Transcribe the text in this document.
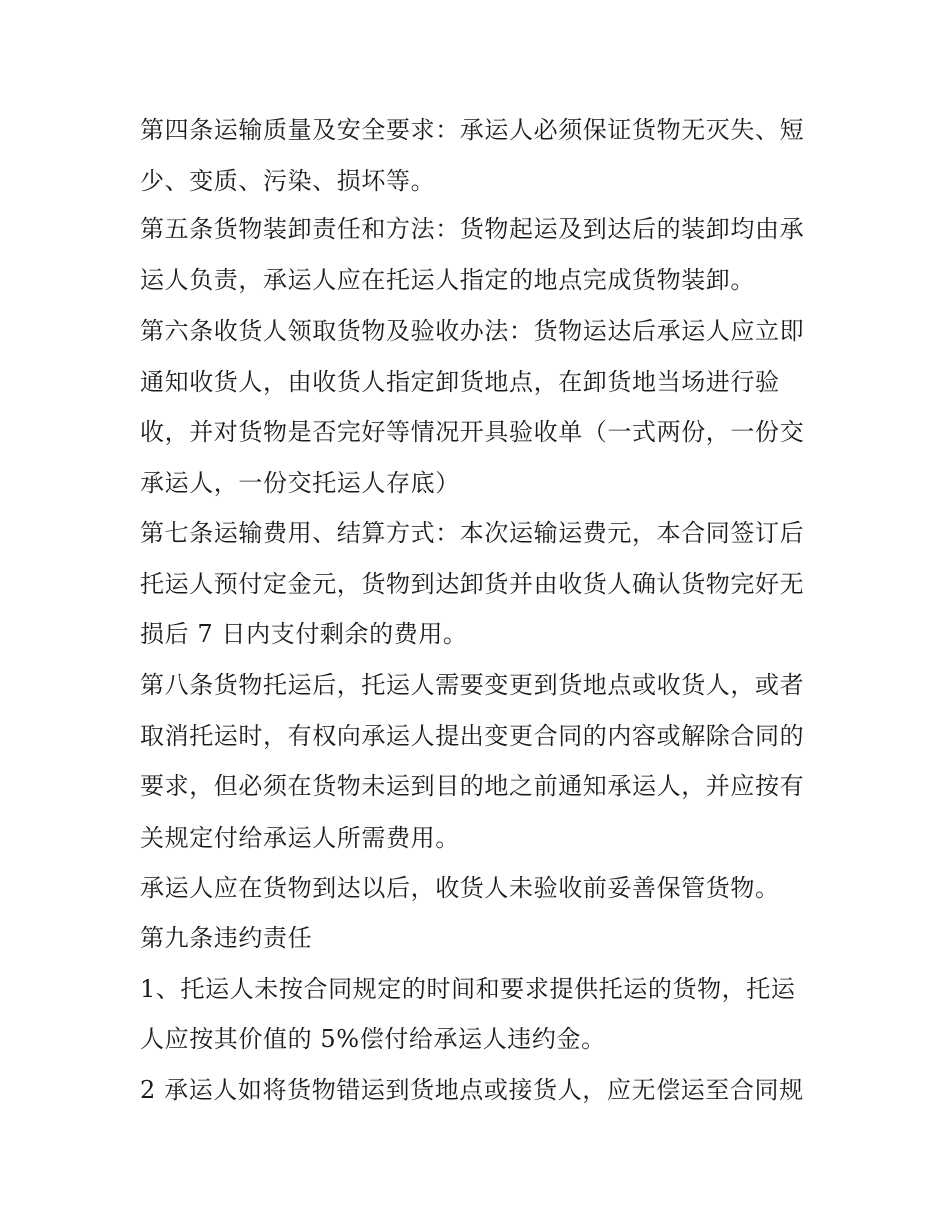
第四条运输质量及安全要求：承运人必须保证货物无灭失、短
少、变质、污染、损坏等。
第五条货物装卸责任和方法：货物起运及到达后的装卸均由承
运人负责，承运人应在托运人指定的地点完成货物装卸。
第六条收货人领取货物及验收办法：货物运达后承运人应立即
通知收货人，由收货人指定卸货地点，在卸货地当场进行验
收，并对货物是否完好等情况开具验收单（一式两份，一份交
承运人，一份交托运人存底）
第七条运输费用、结算方式：本次运输运费元，本合同签订后
托运人预付定金元，货物到达卸货并由收货人确认货物完好无
损后 7 日内支付剩余的费用。
第八条货物托运后，托运人需要变更到货地点或收货人，或者
取消托运时，有权向承运人提出变更合同的内容或解除合同的
要求，但必须在货物未运到目的地之前通知承运人，并应按有
关规定付给承运人所需费用。
承运人应在货物到达以后，收货人未验收前妥善保管货物。
第九条违约责任
1、托运人未按合同规定的时间和要求提供托运的货物，托运
人应按其价值的 5%偿付给承运人违约金。
2 承运人如将货物错运到货地点或接货人，应无偿运至合同规
